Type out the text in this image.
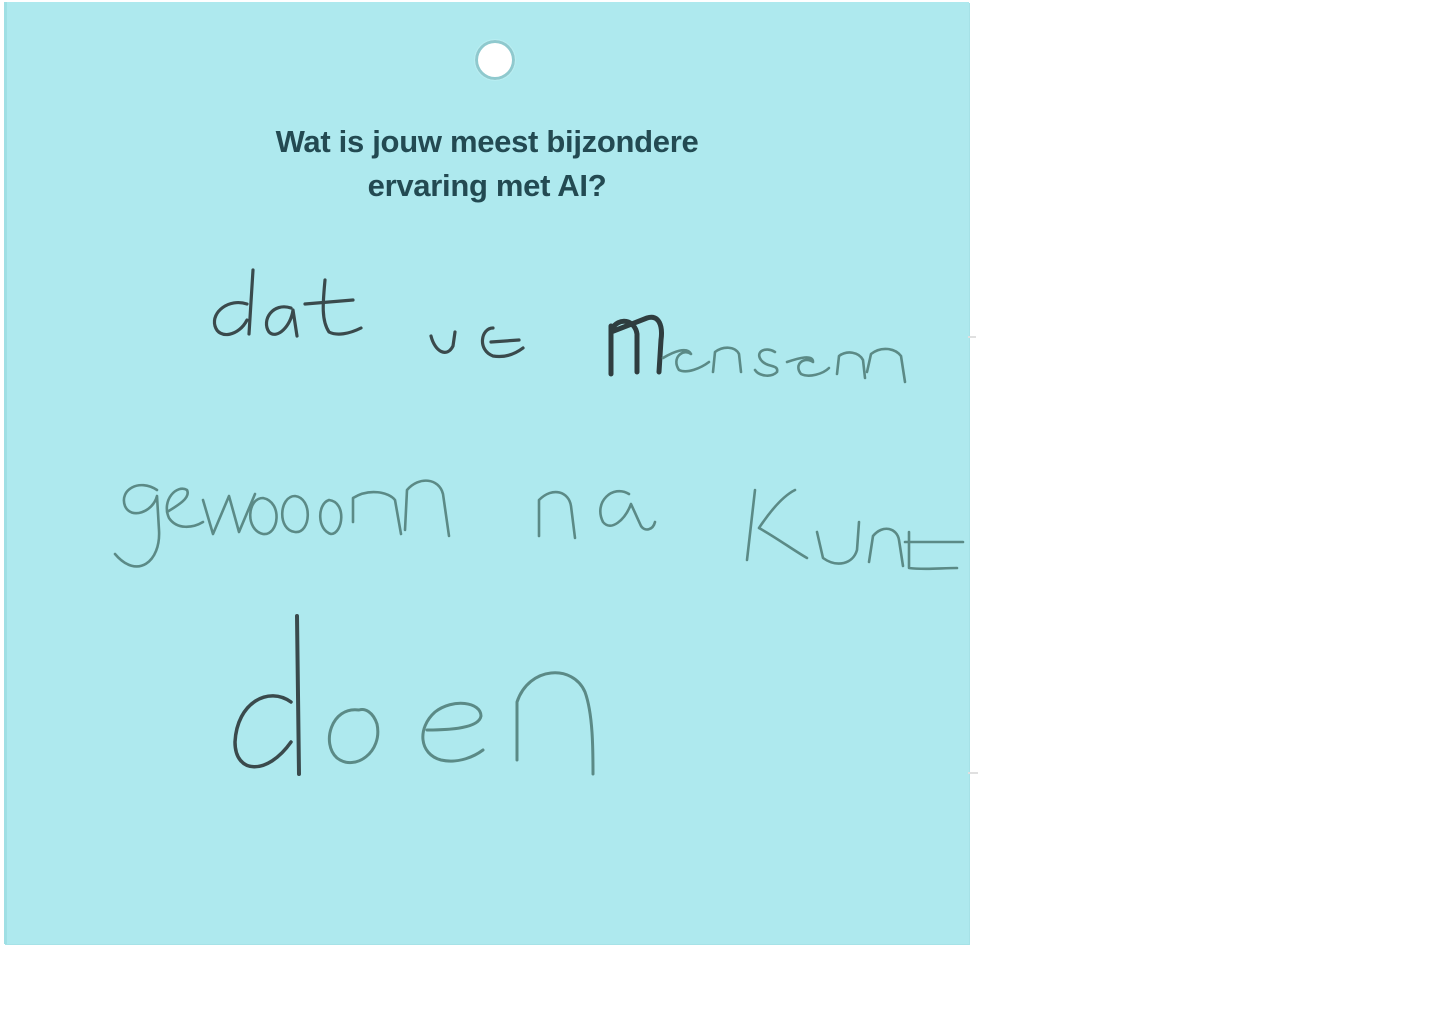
Wat is jouw meest bijzondere
ervaring met AI?
